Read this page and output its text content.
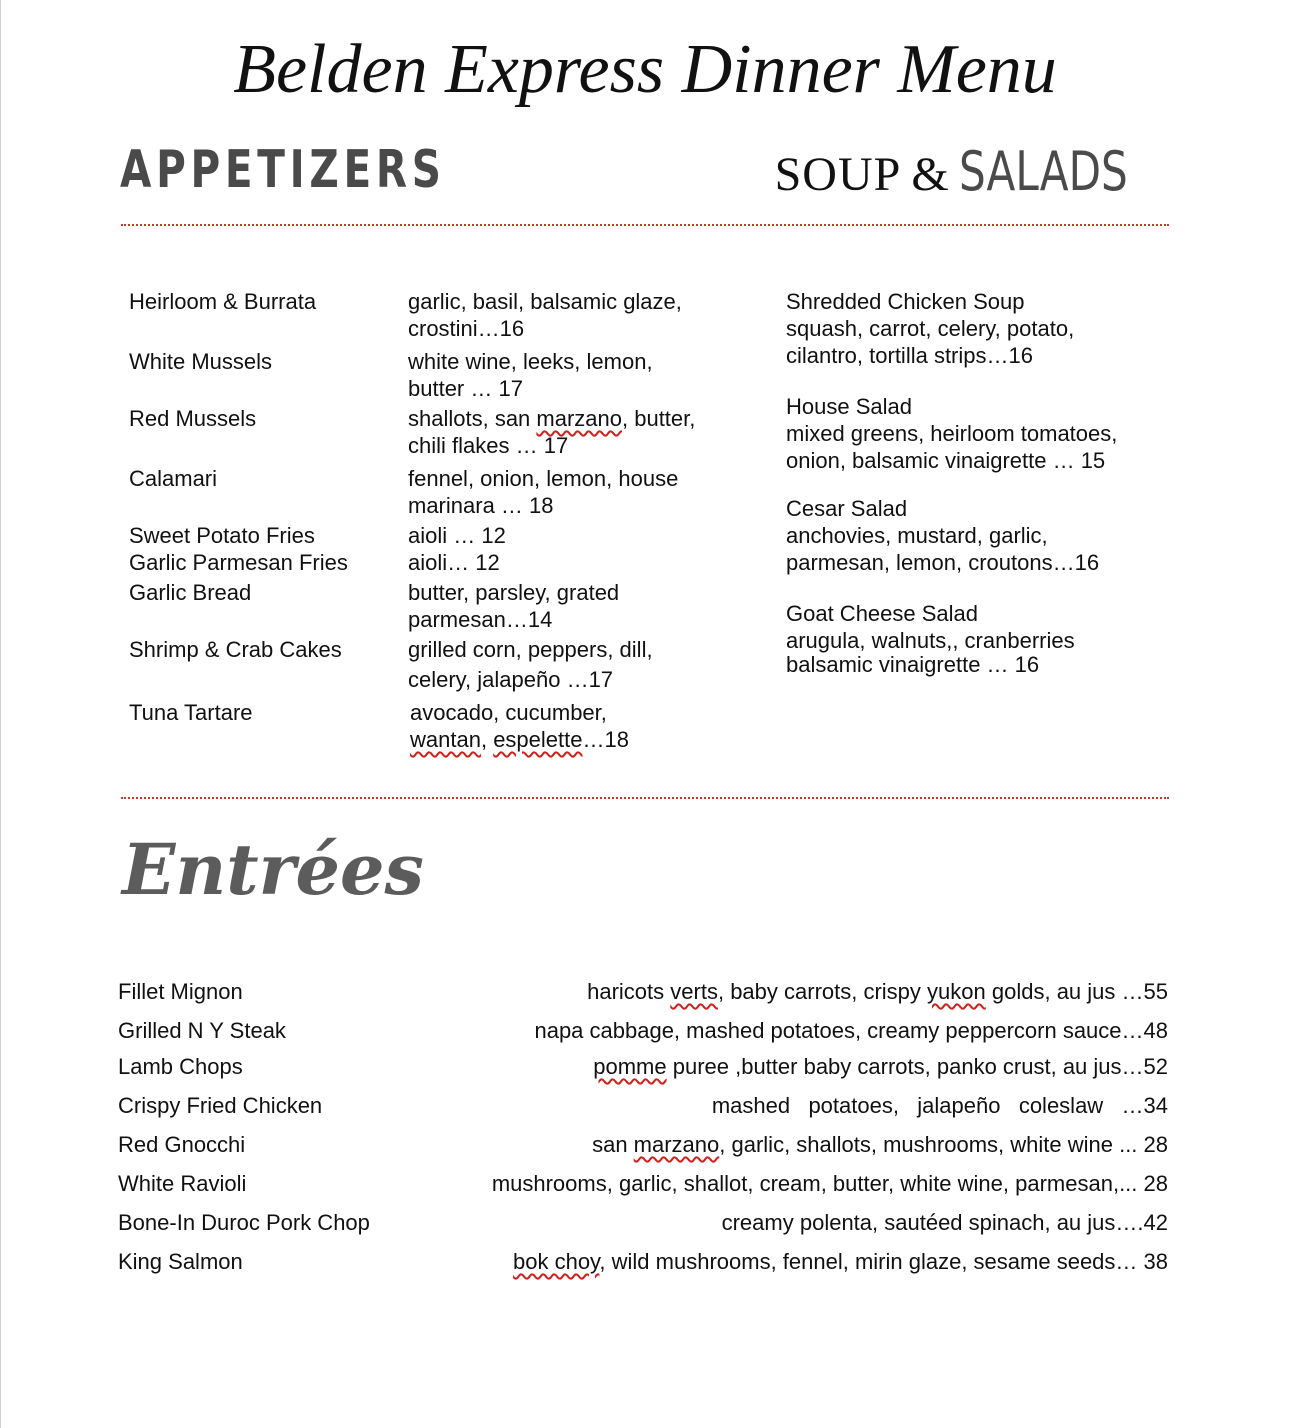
Belden Express Dinner Menu
APPETIZERS	SOUP & SALADS
Heirloom & Burrata	garlic, basil, balsamic glaze,
crostini…16
White Mussels	white wine, leeks, lemon,
butter … 17
Red Mussels	shallots, san marzano, butter,
chili flakes … 17
Calamari	fennel, onion, lemon, house
marinara … 18
Sweet Potato Fries	aioli … 12
Garlic Parmesan Fries	aioli… 12
Garlic Bread	butter, parsley, grated
parmesan…14
Shrimp & Crab Cakes	grilled corn, peppers, dill,
celery, jalapeño …17
Tuna Tartare	avocado, cucumber,
wantan, espelette…18
Shredded Chicken Soup
squash, carrot, celery, potato,
cilantro, tortilla strips…16
House Salad
mixed greens, heirloom tomatoes,
onion, balsamic vinaigrette … 15
Cesar Salad
anchovies, mustard, garlic,
parmesan, lemon, croutons…16
Goat Cheese Salad
arugula, walnuts,, cranberries
balsamic vinaigrette … 16
Entrées
Fillet Mignon	haricots verts, baby carrots, crispy yukon golds, au jus …55
Grilled N Y Steak	napa cabbage, mashed potatoes, creamy peppercorn sauce…48
Lamb Chops	pomme puree ,butter baby carrots, panko crust, au jus…52
Crispy Fried Chicken	mashed   potatoes,   jalapeño   coleslaw   …34
Red Gnocchi	san marzano, garlic, shallots, mushrooms, white wine ... 28
White Ravioli	mushrooms, garlic, shallot, cream, butter, white wine, parmesan,... 28
Bone-In Duroc Pork Chop	creamy polenta, sautéed spinach, au jus….42
King Salmon	bok choy, wild mushrooms, fennel, mirin glaze, sesame seeds… 38
